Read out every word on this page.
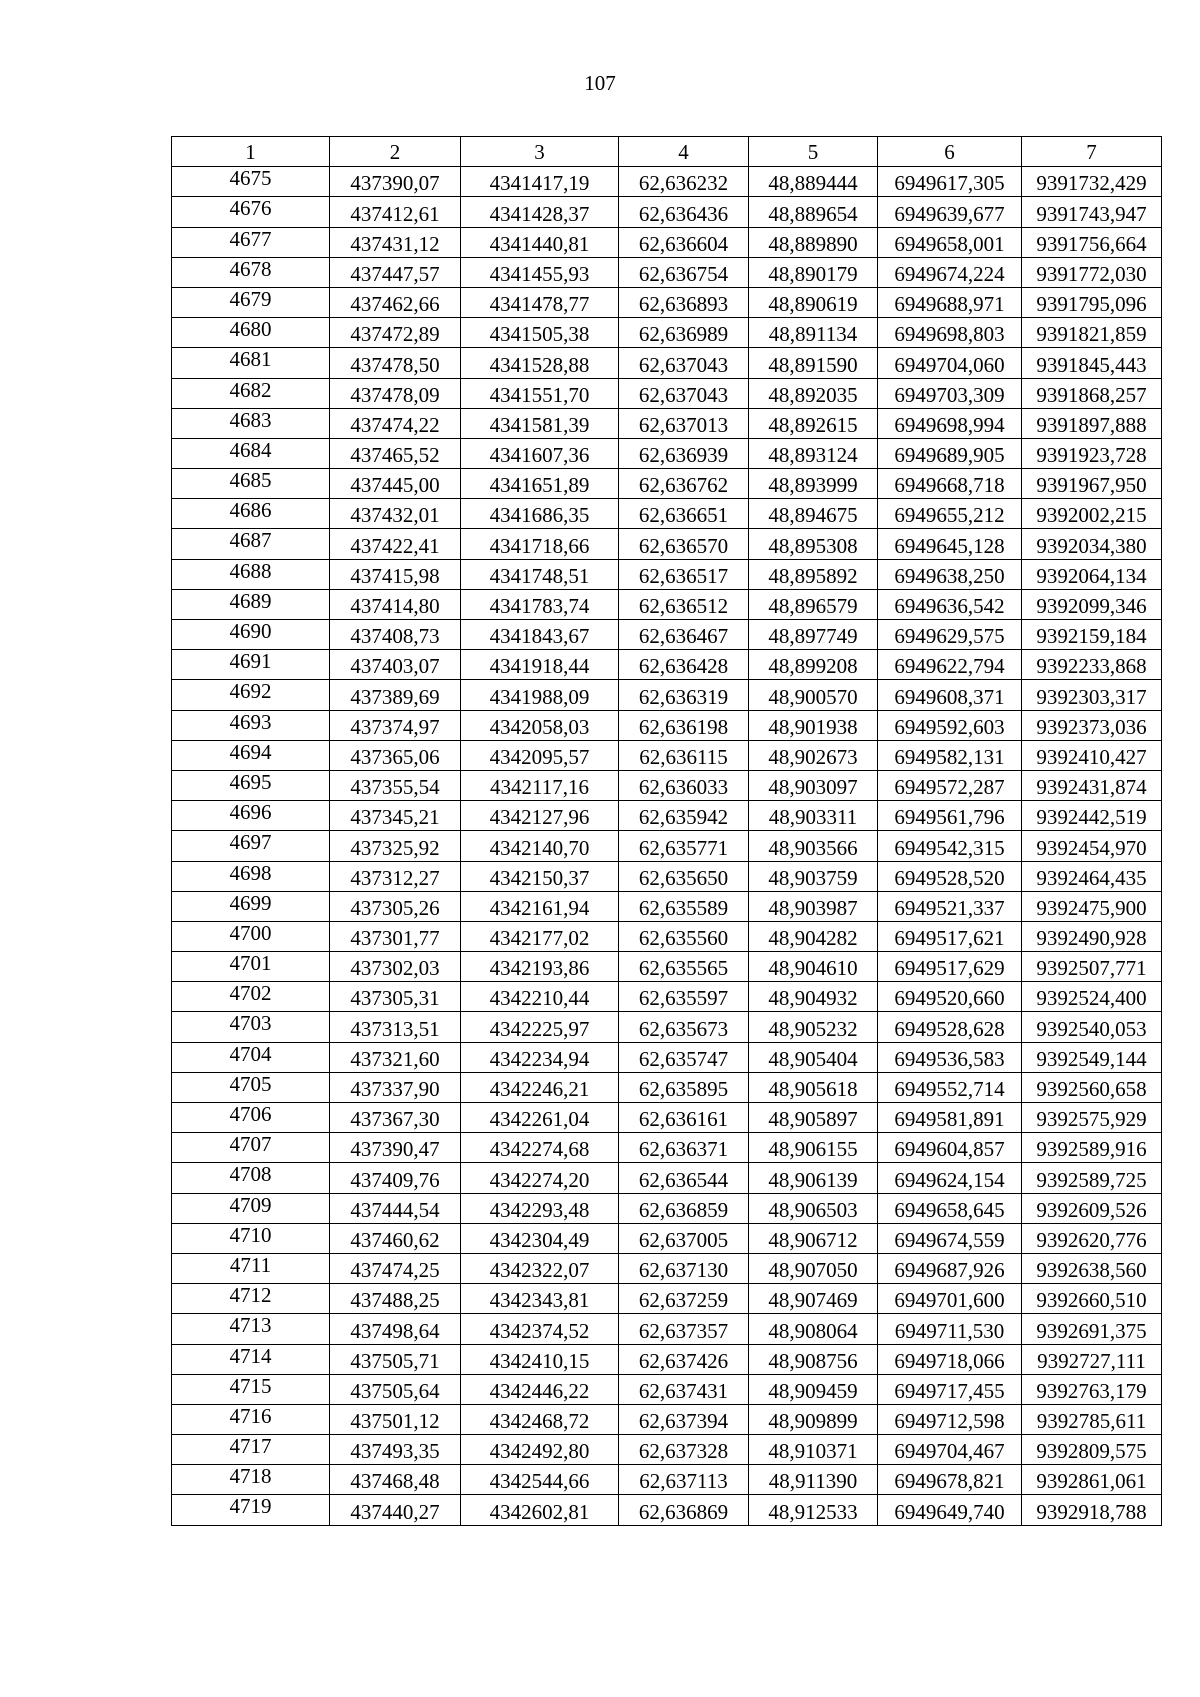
107
1	2	3	4	5	6	7
4675	437390,07	4341417,19	62,636232	48,889444	6949617,305	9391732,429
4676	437412,61	4341428,37	62,636436	48,889654	6949639,677	9391743,947
4677	437431,12	4341440,81	62,636604	48,889890	6949658,001	9391756,664
4678	437447,57	4341455,93	62,636754	48,890179	6949674,224	9391772,030
4679	437462,66	4341478,77	62,636893	48,890619	6949688,971	9391795,096
4680	437472,89	4341505,38	62,636989	48,891134	6949698,803	9391821,859
4681	437478,50	4341528,88	62,637043	48,891590	6949704,060	9391845,443
4682	437478,09	4341551,70	62,637043	48,892035	6949703,309	9391868,257
4683	437474,22	4341581,39	62,637013	48,892615	6949698,994	9391897,888
4684	437465,52	4341607,36	62,636939	48,893124	6949689,905	9391923,728
4685	437445,00	4341651,89	62,636762	48,893999	6949668,718	9391967,950
4686	437432,01	4341686,35	62,636651	48,894675	6949655,212	9392002,215
4687	437422,41	4341718,66	62,636570	48,895308	6949645,128	9392034,380
4688	437415,98	4341748,51	62,636517	48,895892	6949638,250	9392064,134
4689	437414,80	4341783,74	62,636512	48,896579	6949636,542	9392099,346
4690	437408,73	4341843,67	62,636467	48,897749	6949629,575	9392159,184
4691	437403,07	4341918,44	62,636428	48,899208	6949622,794	9392233,868
4692	437389,69	4341988,09	62,636319	48,900570	6949608,371	9392303,317
4693	437374,97	4342058,03	62,636198	48,901938	6949592,603	9392373,036
4694	437365,06	4342095,57	62,636115	48,902673	6949582,131	9392410,427
4695	437355,54	4342117,16	62,636033	48,903097	6949572,287	9392431,874
4696	437345,21	4342127,96	62,635942	48,903311	6949561,796	9392442,519
4697	437325,92	4342140,70	62,635771	48,903566	6949542,315	9392454,970
4698	437312,27	4342150,37	62,635650	48,903759	6949528,520	9392464,435
4699	437305,26	4342161,94	62,635589	48,903987	6949521,337	9392475,900
4700	437301,77	4342177,02	62,635560	48,904282	6949517,621	9392490,928
4701	437302,03	4342193,86	62,635565	48,904610	6949517,629	9392507,771
4702	437305,31	4342210,44	62,635597	48,904932	6949520,660	9392524,400
4703	437313,51	4342225,97	62,635673	48,905232	6949528,628	9392540,053
4704	437321,60	4342234,94	62,635747	48,905404	6949536,583	9392549,144
4705	437337,90	4342246,21	62,635895	48,905618	6949552,714	9392560,658
4706	437367,30	4342261,04	62,636161	48,905897	6949581,891	9392575,929
4707	437390,47	4342274,68	62,636371	48,906155	6949604,857	9392589,916
4708	437409,76	4342274,20	62,636544	48,906139	6949624,154	9392589,725
4709	437444,54	4342293,48	62,636859	48,906503	6949658,645	9392609,526
4710	437460,62	4342304,49	62,637005	48,906712	6949674,559	9392620,776
4711	437474,25	4342322,07	62,637130	48,907050	6949687,926	9392638,560
4712	437488,25	4342343,81	62,637259	48,907469	6949701,600	9392660,510
4713	437498,64	4342374,52	62,637357	48,908064	6949711,530	9392691,375
4714	437505,71	4342410,15	62,637426	48,908756	6949718,066	9392727,111
4715	437505,64	4342446,22	62,637431	48,909459	6949717,455	9392763,179
4716	437501,12	4342468,72	62,637394	48,909899	6949712,598	9392785,611
4717	437493,35	4342492,80	62,637328	48,910371	6949704,467	9392809,575
4718	437468,48	4342544,66	62,637113	48,911390	6949678,821	9392861,061
4719	437440,27	4342602,81	62,636869	48,912533	6949649,740	9392918,788
